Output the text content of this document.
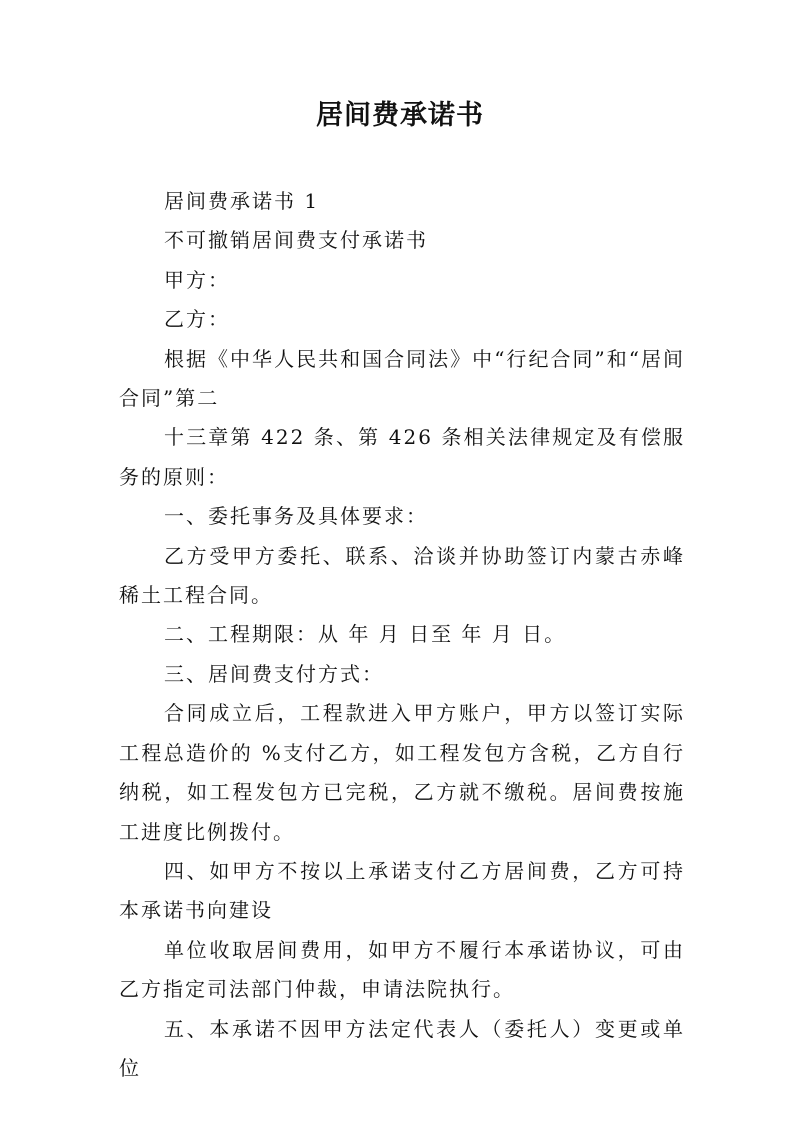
居间费承诺书

居间费承诺书 1

不可撤销居间费支付承诺书

甲方：

乙方：

根据《中华人民共和国合同法》中“行纪合同”和“居间合同”第二

十三章第 422 条、第 426 条相关法律规定及有偿服务的原则：

一、委托事务及具体要求：

乙方受甲方委托、联系、洽谈并协助签订内蒙古赤峰稀土工程合同。

二、工程期限：从 年 月 日至 年 月 日。

三、居间费支付方式：

合同成立后，工程款进入甲方账户，甲方以签订实际工程总造价的 %支付乙方，如工程发包方含税，乙方自行纳税，如工程发包方已完税，乙方就不缴税。居间费按施工进度比例拨付。

四、如甲方不按以上承诺支付乙方居间费，乙方可持本承诺书向建设

单位收取居间费用，如甲方不履行本承诺协议，可由乙方指定司法部门仲裁，申请法院执行。

五、本承诺不因甲方法定代表人（委托人）变更或单位
